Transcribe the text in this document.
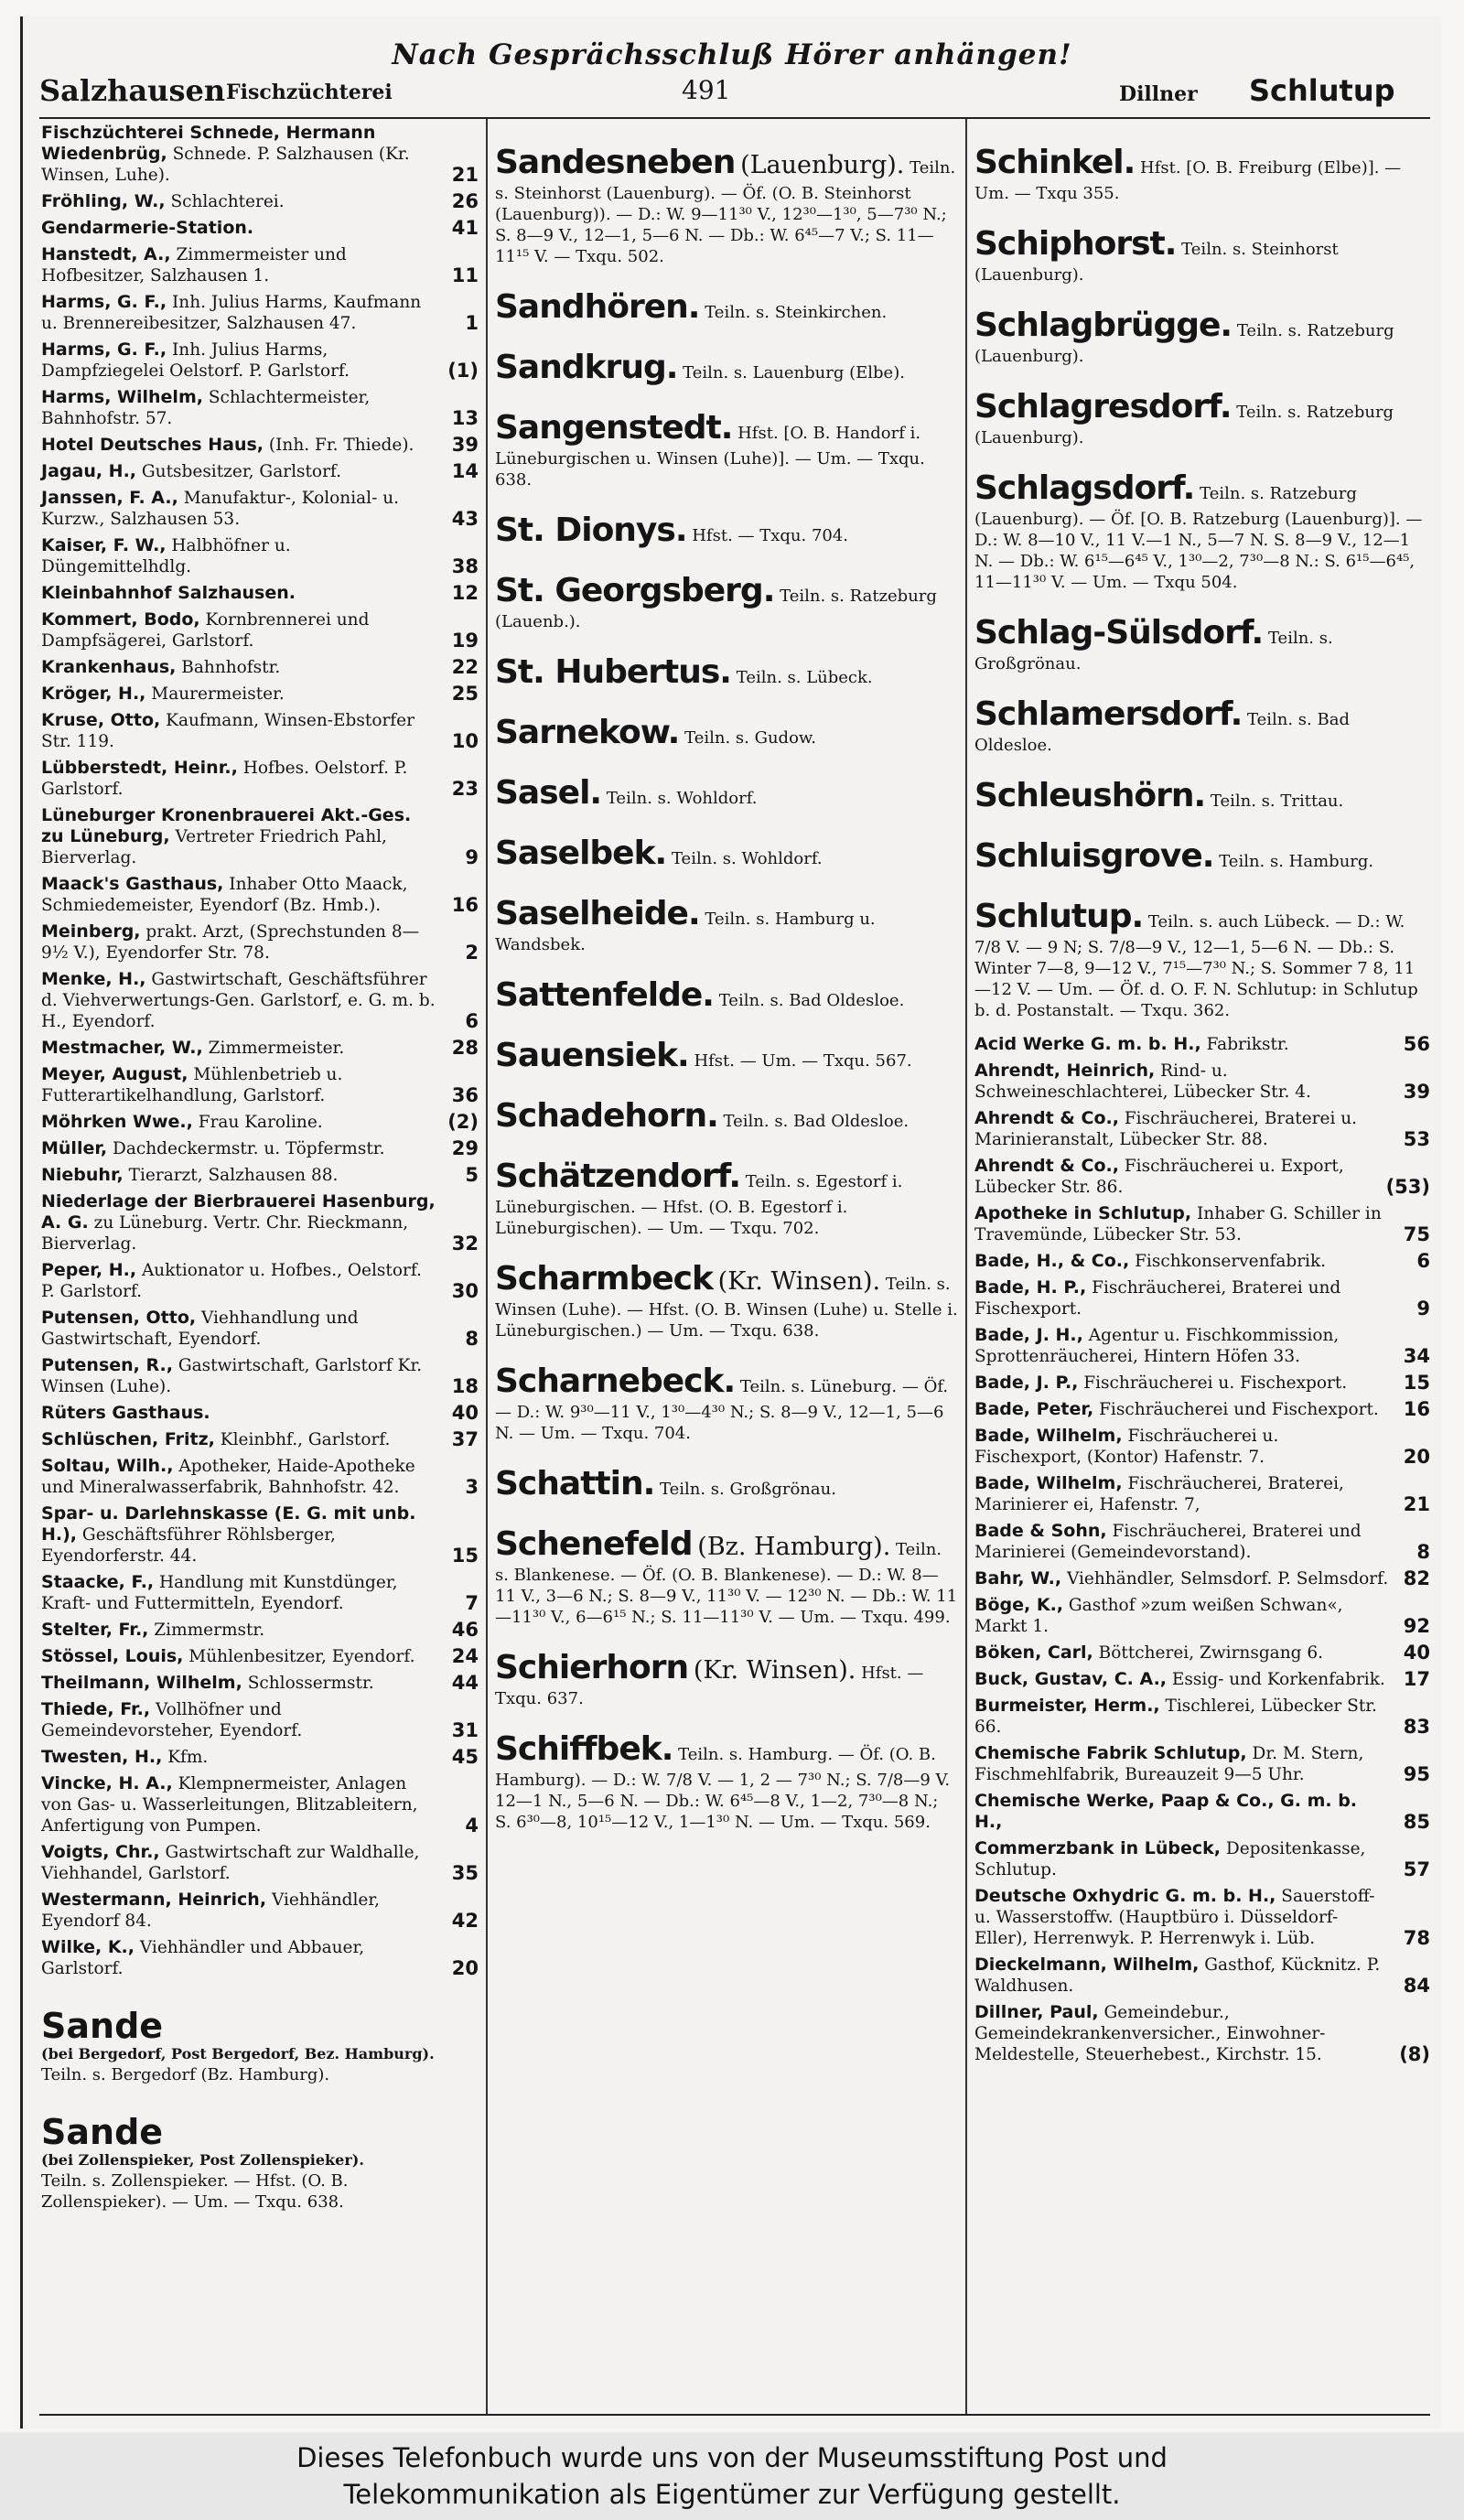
Nach Gesprächsschluß Hörer anhängen!
Salzhausen Fischzüchterei	491	Dillner Schlutup
Fischzüchterei Schnede, Hermann Wiedenbrüg, Schnede. P. Salzhausen (Kr. Winsen, Luhe).	21
Fröhling, W., Schlachterei.	26
Gendarmerie-Station.	41
Hanstedt, A., Zimmermeister und Hofbesitzer, Salzhausen 1.	11
Harms, G. F., Inh. Julius Harms, Kaufmann u. Brennereibesitzer, Salzhausen 47.	1
Harms, G. F., Inh. Julius Harms, Dampfziegelei Oelstorf. P. Garlstorf.	(1)
Harms, Wilhelm, Schlachtermeister, Bahnhofstr. 57.	13
Hotel Deutsches Haus, (Inh. Fr. Thiede). 39
Jagau, H., Gutsbesitzer, Garlstorf.	14
Janssen, F. A., Manufaktur-, Kolonial- u. Kurzw., Salzhausen 53.	43
Kaiser, F. W., Halbhöfner u. Düngemittelhdlg.	38
Kleinbahnhof Salzhausen.	12
Kommert, Bodo, Kornbrennerei und Dampfsägerei, Garlstorf.	19
Krankenhaus, Bahnhofstr.	22
Kröger, H., Maurermeister.	25
Kruse, Otto, Kaufmann, Winsen-Ebstorfer Str. 119.	10
Lübberstedt, Heinr., Hofbes. Oelstorf. P. Garlstorf.	23
Lüneburger Kronenbrauerei Akt.-Ges. zu Lüneburg, Vertreter Friedrich Pahl, Bierverlag.	9
Maack's Gasthaus, Inhaber Otto Maack, Schmiedemeister, Eyendorf (Bz. Hmb.).	16
Meinberg, prakt. Arzt, (Sprechstunden 8—9½ V.), Eyendorfer Str. 78.	2
Menke, H., Gastwirtschaft, Geschäftsführer d. Viehverwertungs-Gen. Garlstorf, e. G. m. b. H., Eyendorf.	6
Mestmacher, W., Zimmermeister.	28
Meyer, August, Mühlenbetrieb u. Futterartikelhandlung, Garlstorf.	36
Möhrken Wwe., Frau Karoline.	(2)
Müller, Dachdeckermstr. u. Töpfermstr.	29
Niebuhr, Tierarzt, Salzhausen 88.	5
Niederlage der Bierbrauerei Hasenburg, A. G. zu Lüneburg. Vertr. Chr. Rieckmann, Bierverlag.	32
Peper, H., Auktionator u. Hofbes., Oelstorf. P. Garlstorf.	30
Putensen, Otto, Viehhandlung und Gastwirtschaft, Eyendorf.	8
Putensen, R., Gastwirtschaft, Garlstorf Kr. Winsen (Luhe).	18
Rüters Gasthaus.	40
Schlüschen, Fritz, Kleinbhf., Garlstorf.	37
Soltau, Wilh., Apotheker, Haide-Apotheke und Mineralwasserfabrik, Bahnhofstr. 42.	3
Spar- u. Darlehnskasse (E. G. mit unb. H.), Geschäftsführer Röhlsberger, Eyendorferstr. 44.	15
Staacke, F., Handlung mit Kunstdünger, Kraft- und Futtermitteln, Eyendorf.	7
Stelter, Fr., Zimmermstr.	46
Stössel, Louis, Mühlenbesitzer, Eyendorf. 24
Theilmann, Wilhelm, Schlossermstr.	44
Thiede, Fr., Vollhöfner und Gemeindevorsteher, Eyendorf.	31
Twesten, H., Kfm.	45
Vincke, H. A., Klempnermeister, Anlagen von Gas- u. Wasserleitungen, Blitzableitern, Anfertigung von Pumpen.	4
Voigts, Chr., Gastwirtschaft zur Waldhalle, Viehhandel, Garlstorf.	35
Westermann, Heinrich, Viehhändler, Eyendorf 84.	42
Wilke, K., Viehhändler und Abbauer, Garlstorf.	20
Sande (bei Bergedorf, Post Bergedorf, Bez. Hamburg).
Teiln. s. Bergedorf (Bz. Hamburg).
Sande (bei Zollenspieker, Post Zollenspieker).
Teiln. s. Zollenspieker. — Hfst. (O. B. Zollenspieker). — Um. — Txqu. 638.
Sandesneben (Lauenburg). Teiln. s. Steinhorst (Lauenburg). — Öf. (O. B. Steinhorst (Lauenburg)). — D.: W. 9—11³⁰ V., 12³⁰—1³⁰, 5—7³⁰ N.; S. 8—9 V., 12—1, 5—6 N. — Db.: W. 6⁴⁵—7 V.; S. 11—11¹⁵ V. — Txqu. 502.
Sandhören. Teiln. s. Steinkirchen.
Sandkrug. Teiln. s. Lauenburg (Elbe).
Sangenstedt. Hfst. [O. B. Handorf i. Lüneburgischen u. Winsen (Luhe)]. — Um. — Txqu. 638.
St. Dionys. Hfst. — Txqu. 704.
St. Georgsberg. Teiln. s. Ratzeburg (Lauenb.).
St. Hubertus. Teiln. s. Lübeck.
Sarnekow. Teiln. s. Gudow.
Sasel. Teiln. s. Wohldorf.
Saselbek. Teiln. s. Wohldorf.
Saselheide. Teiln. s. Hamburg u. Wandsbek.
Sattenfelde. Teiln. s. Bad Oldesloe.
Sauensiek. Hfst. — Um. — Txqu. 567.
Schadehorn. Teiln. s. Bad Oldesloe.
Schätzendorf. Teiln. s. Egestorf i. Lüneburgischen. — Hfst. (O. B. Egestorf i. Lüneburgischen). — Um. — Txqu. 702.
Scharmbeck (Kr. Winsen). Teiln. s. Winsen (Luhe). — Hfst. (O. B. Winsen (Luhe) u. Stelle i. Lüneburgischen.) — Um. — Txqu. 638.
Scharnebeck. Teiln. s. Lüneburg. — Öf. — D.: W. 9³⁰—11 V., 1³⁰—4³⁰ N.; S. 8—9 V., 12—1, 5—6 N. — Um. — Txqu. 704.
Schattin. Teiln. s. Großgrönau.
Schenefeld (Bz. Hamburg). Teiln. s. Blankenese. — Öf. (O. B. Blankenese). — D.: W. 8—11 V., 3—6 N.; S. 8—9 V., 11³⁰ V. — 12³⁰ N. — Db.: W. 11—11³⁰ V., 6—6¹⁵ N.; S. 11—11³⁰ V. — Um. — Txqu. 499.
Schierhorn (Kr. Winsen). Hfst. — Txqu. 637.
Schiffbek. Teiln. s. Hamburg. — Öf. (O. B. Hamburg). — D.: W. 7/8 V. — 1, 2 — 7³⁰ N.; S. 7/8—9 V. 12—1 N., 5—6 N. — Db.: W. 6⁴⁵—8 V., 1—2, 7³⁰—8 N.; S. 6³⁰—8, 10¹⁵—12 V., 1—1³⁰ N. — Um. — Txqu. 569.
Schinkel. Hfst. [O. B. Freiburg (Elbe)]. — Um. — Txqu 355.
Schiphorst. Teiln. s. Steinhorst (Lauenburg).
Schlagbrügge. Teiln. s. Ratzeburg (Lauenburg).
Schlagresdorf. Teiln. s. Ratzeburg (Lauenburg).
Schlagsdorf. Teiln. s. Ratzeburg (Lauenburg). — Öf. [O. B. Ratzeburg (Lauenburg)]. — D.: W. 8—10 V., 11 V.—1 N., 5—7 N. S. 8—9 V., 12—1 N. — Db.: W. 6¹⁵—6⁴⁵ V., 1³⁰—2, 7³⁰—8 N.: S. 6¹⁵—6⁴⁵, 11—11³⁰ V. — Um. — Txqu 504.
Schlag-Sülsdorf. Teiln. s. Großgrönau.
Schlamersdorf. Teiln. s. Bad Oldesloe.
Schleushörn. Teiln. s. Trittau.
Schluisgrove. Teiln. s. Hamburg.
Schlutup. Teiln. s. auch Lübeck. — D.: W. 7/8 V. — 9 N; S. 7/8—9 V., 12—1, 5—6 N. — Db.: S. Winter 7—8, 9—12 V., 7¹⁵—7³⁰ N.; S. Sommer 7 8, 11—12 V. — Um. — Öf. d. O. F. N. Schlutup: in Schlutup b. d. Postanstalt. — Txqu. 362.
Acid Werke G. m. b. H., Fabrikstr.	56
Ahrendt, Heinrich, Rind- u. Schweineschlachterei, Lübecker Str. 4.	39
Ahrendt & Co., Fischräucherei, Braterei u. Marinieranstalt, Lübecker Str. 88.	53
Ahrendt & Co., Fischräucherei u. Export, Lübecker Str. 86.	(53)
Apotheke in Schlutup, Inhaber G. Schiller in Travemünde, Lübecker Str. 53.	75
Bade, H., & Co., Fischkonservenfabrik.	6
Bade, H. P., Fischräucherei, Braterei und Fischexport.	9
Bade, J. H., Agentur u. Fischkommission, Sprottenräucherei, Hintern Höfen 33.	34
Bade, J. P., Fischräucherei u. Fischexport.	15
Bade, Peter, Fischräucherei und Fischexport. 16
Bade, Wilhelm, Fischräucherei u. Fischexport, (Kontor) Hafenstr. 7.	20
Bade, Wilhelm, Fischräucherei, Braterei, Marinierer ei, Hafenstr. 7,	21
Bade & Sohn, Fischräucherei, Braterei und Marinierei (Gemeindevorstand).	8
Bahr, W., Viehhändler, Selmsdorf. P. Selmsdorf. 82
Böge, K., Gasthof »zum weißen Schwan«, Markt 1.	92
Böken, Carl, Böttcherei, Zwirnsgang 6.	40
Buck, Gustav, C. A., Essig- und Korkenfabrik. 17
Burmeister, Herm., Tischlerei, Lübecker Str. 66.	83
Chemische Fabrik Schlutup, Dr. M. Stern, Fischmehlfabrik, Bureauzeit 9—5 Uhr.	95
Chemische Werke, Paap & Co., G. m. b. H.,	85
Commerzbank in Lübeck, Depositenkasse, Schlutup.	57
Deutsche Oxhydric G. m. b. H., Sauerstoff- u. Wasserstoffw. (Hauptbüro i. Düsseldorf-Eller), Herrenwyk. P. Herrenwyk i. Lüb.	78
Dieckelmann, Wilhelm, Gasthof, Kücknitz. P. Waldhusen.	84
Dillner, Paul, Gemeindebur., Gemeindekrankenversicher., Einwohner-Meldestelle, Steuerhebest., Kirchstr. 15.	(8)
Dieses Telefonbuch wurde uns von der Museumsstiftung Post und
Telekommunikation als Eigentümer zur Verfügung gestellt.
